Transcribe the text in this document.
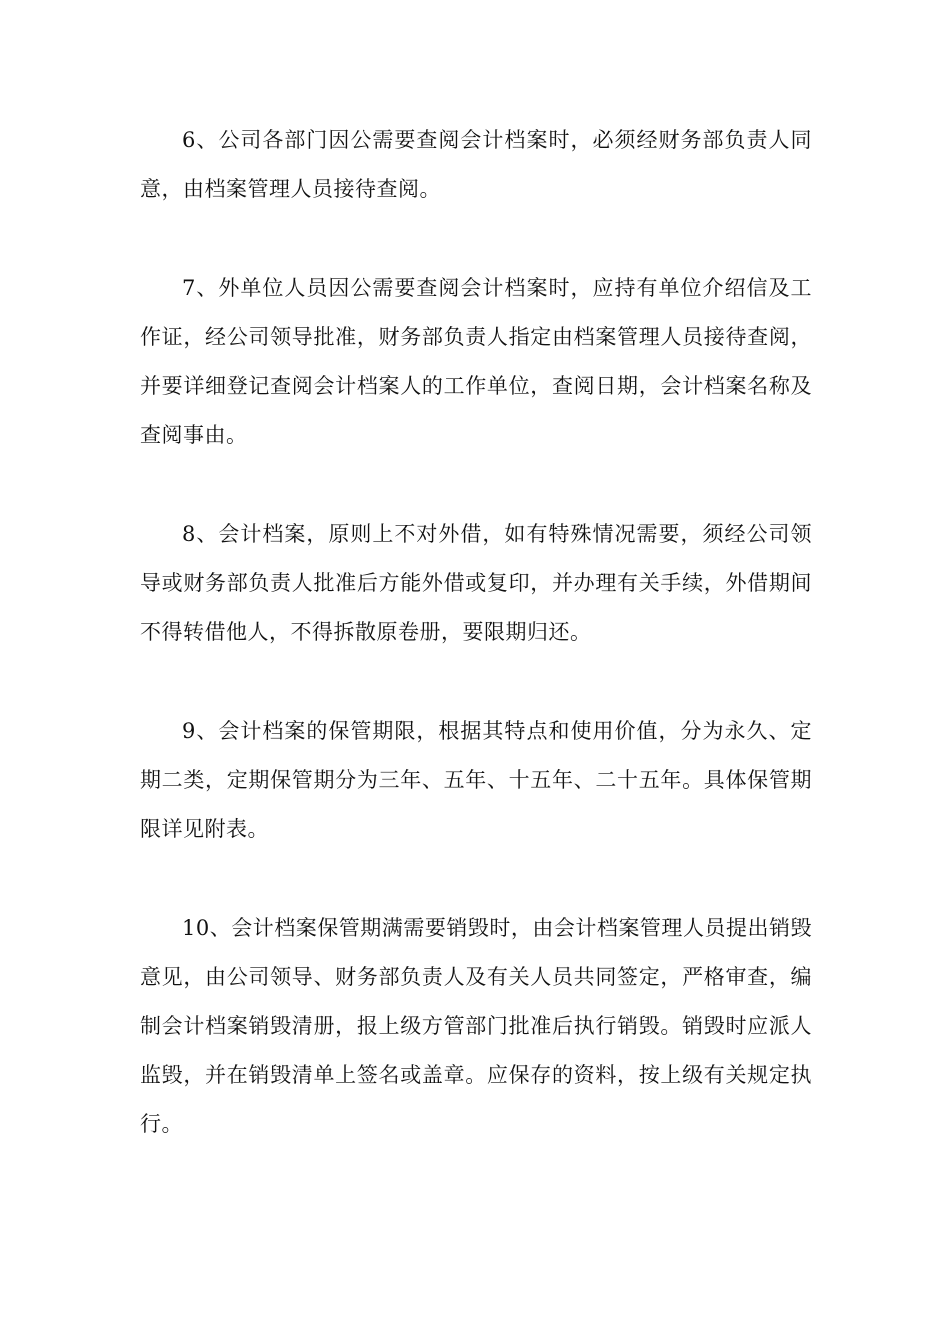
6、公司各部门因公需要查阅会计档案时，必须经财务部负责人同意，由档案管理人员接待查阅。

7、外单位人员因公需要查阅会计档案时，应持有单位介绍信及工作证，经公司领导批准，财务部负责人指定由档案管理人员接待查阅，并要详细登记查阅会计档案人的工作单位，查阅日期，会计档案名称及查阅事由。

8、会计档案，原则上不对外借，如有特殊情况需要，须经公司领导或财务部负责人批准后方能外借或复印，并办理有关手续，外借期间不得转借他人，不得拆散原卷册，要限期归还。

9、会计档案的保管期限，根据其特点和使用价值，分为永久、定期二类，定期保管期分为三年、五年、十五年、二十五年。具体保管期限详见附表。

10、会计档案保管期满需要销毁时，由会计档案管理人员提出销毁意见，由公司领导、财务部负责人及有关人员共同签定，严格审查，编制会计档案销毁清册，报上级方管部门批准后执行销毁。销毁时应派人监毁，并在销毁清单上签名或盖章。应保存的资料，按上级有关规定执行。
